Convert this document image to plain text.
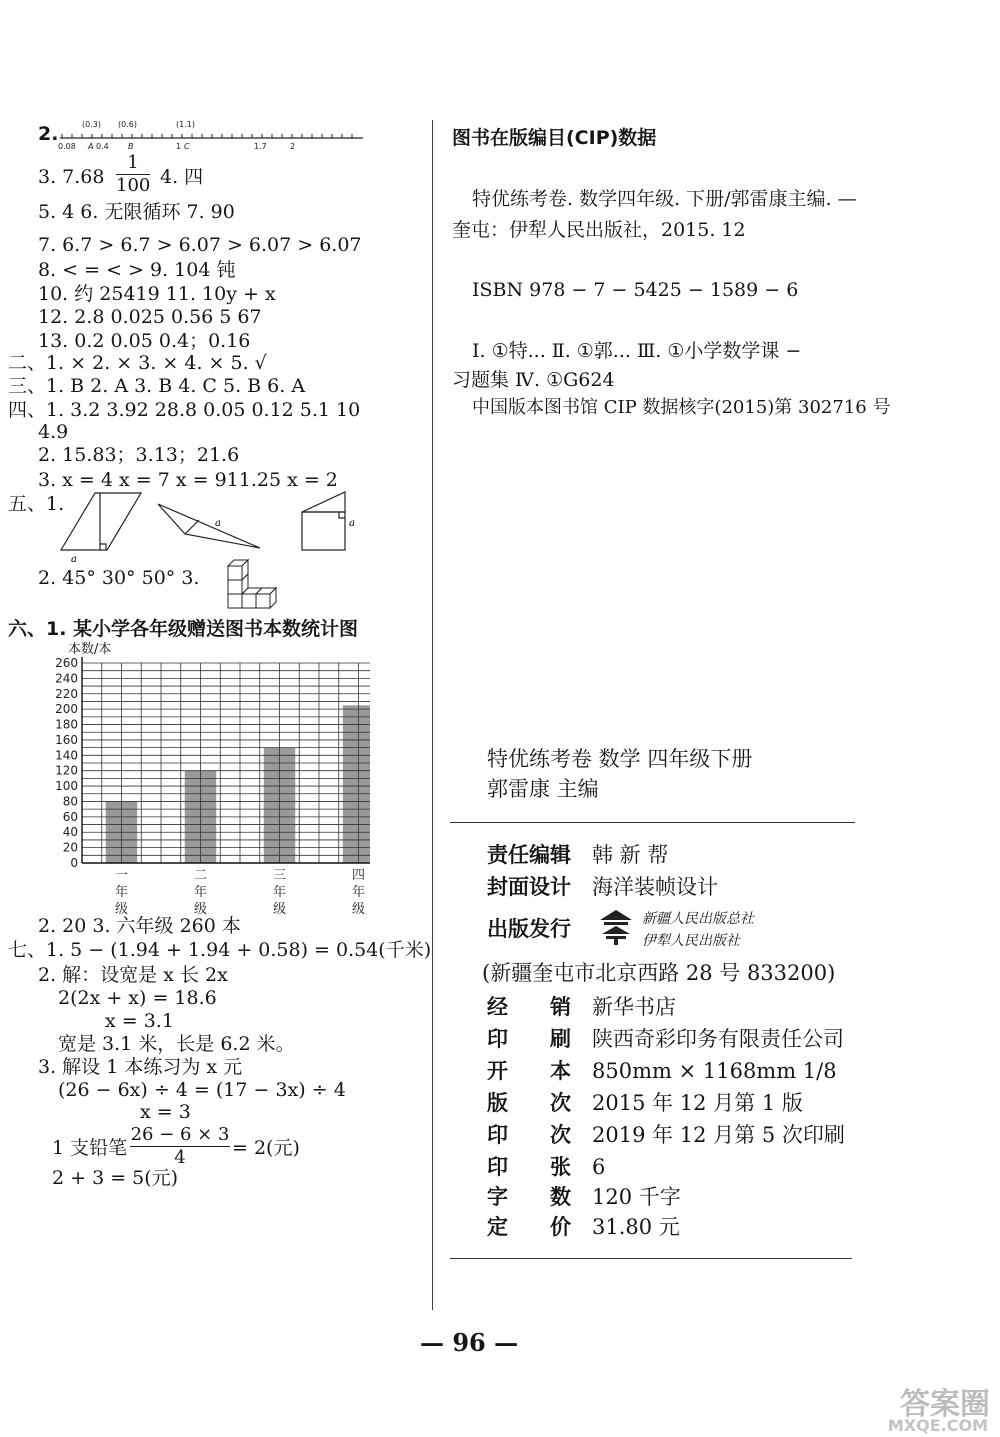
2.	(0.3) (0.6)	(1.1)
0.08 A 0.4 B	1 C	1.7	2
3. $7.68 \frac{1}{100} 4$. 四
5. 4 6. 无限循环 7. 90
7. 6.7 > 6.7 > 6.07 > 6.07 > 6.07
8. < = < > 9. 104 钝
10. 约 25419 11. 10y + x
12. 2.8 0.025 0.56 5 67
13. 0.2 0.05 0.4；0.16
二、1. × 2. × 3. × 4. × 5. √
三、1. B 2. A 3. B 4. C 5. B 6. A
四、1. 3.2 3.92 28.8 0.05 0.12 5.1 10
4.9
2. 15.83；3.13；21.6
3. x = 4 x = 7 x = 911.25 x = 2
五、1.
a
a	a
2. 45° 30° 50° 3.
六、1. 某小学各年级赠送图书本数统计图
本数/本
0
20
40
60
80
100
120
140
160
180
200
220
240
260
一
年
级
二
年
级
三
年
级
四
年
级
2. 20 3. 六年级 260 本
七、1. 5 − (1.94 + 1.94 + 0.58) = 0.54(千米)
2. 解：设宽是 x 长 2x
2(2x + x) = 18.6
x = 3.1
宽是 3.1 米，长是 6.2 米。
3. 解设 1 本练习为 x 元
(26 − 6x) ÷ 4 = (17 − 3x) ÷ 4
x = 3
1 支铅笔 $\frac{26 - 6 \times 3}{4} = 2$(元)
2 + 3 = 5(元)
图书在版编目(CIP)数据
特优练考卷. 数学四年级. 下册/郭雷康主编. —
奎屯：伊犁人民出版社，2015. 12
ISBN 978 − 7 − 5425 − 1589 − 6
Ⅰ. ①特... Ⅱ. ①郭... Ⅲ. ①小学数学课 −
习题集 Ⅳ. ①G624
中国版本图书馆 CIP 数据核字(2015)第 302716 号
特优练考卷 数学 四年级下册
郭雷康 主编
责任编辑 韩 新 帮
封面设计 海洋装帧设计
出版发行	新疆人民出版总社
伊犁人民出版社
(新疆奎屯市北京西路 28 号 833200)
经　　销 新华书店
印　　刷 陕西奇彩印务有限责任公司
开　　本 850mm × 1168mm 1/8
版　　次 2015 年 12 月第 1 版
印　　次 2019 年 12 月第 5 次印刷
印　　张 6
字　　数 120 千字
定　　价 31.80 元
— 96 —
答案圈
MXQE.COM
